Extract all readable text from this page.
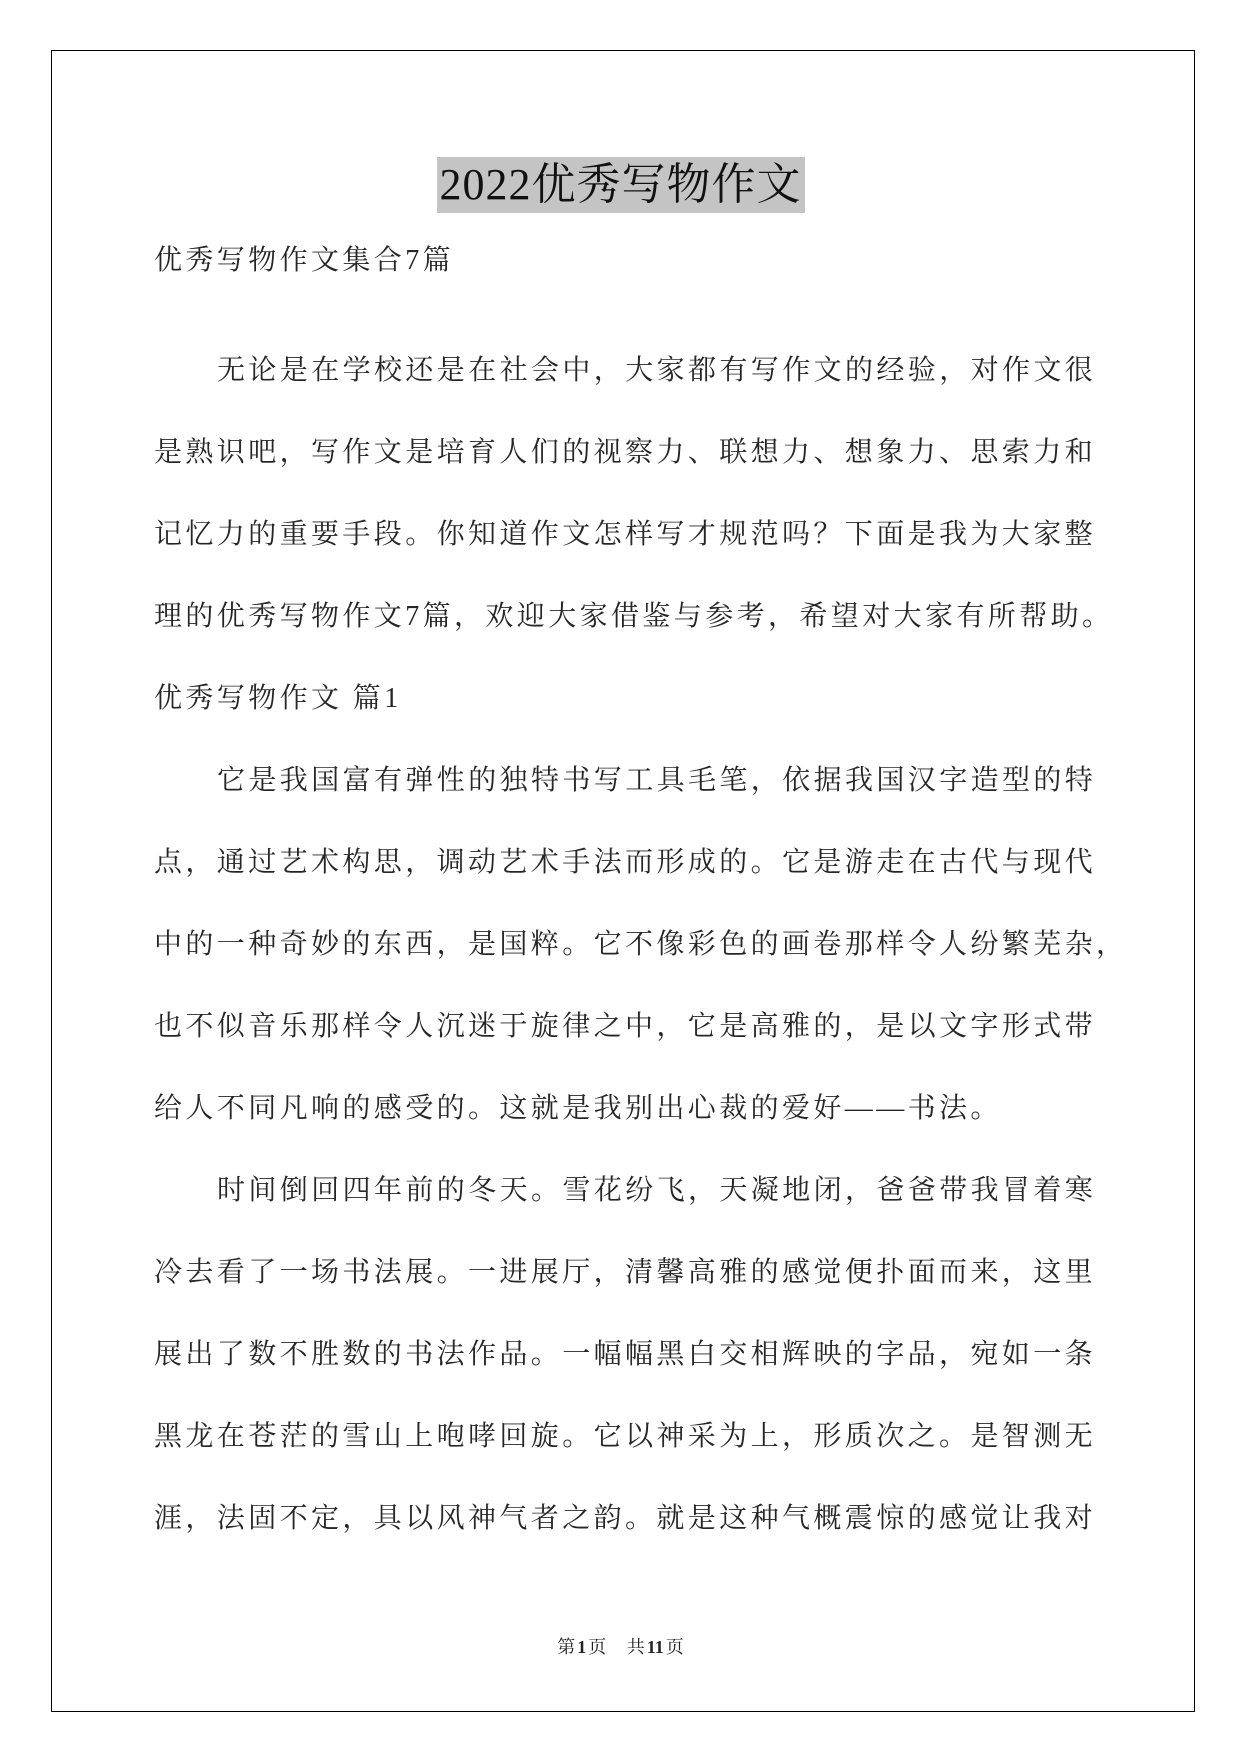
2022优秀写物作文
优秀写物作文集合7篇
无论是在学校还是在社会中，大家都有写作文的经验，对作文很
是熟识吧，写作文是培育人们的视察力、联想力、想象力、思索力和
记忆力的重要手段。你知道作文怎样写才规范吗？下面是我为大家整
理的优秀写物作文7篇，欢迎大家借鉴与参考，希望对大家有所帮助。
优秀写物作文 篇1
它是我国富有弹性的独特书写工具毛笔，依据我国汉字造型的特
点，通过艺术构思，调动艺术手法而形成的。它是游走在古代与现代
中的一种奇妙的东西，是国粹。它不像彩色的画卷那样令人纷繁芜杂，
也不似音乐那样令人沉迷于旋律之中，它是高雅的，是以文字形式带
给人不同凡响的感受的。这就是我别出心裁的爱好——书法。
时间倒回四年前的冬天。雪花纷飞，天凝地闭，爸爸带我冒着寒
冷去看了一场书法展。一进展厅，清馨高雅的感觉便扑面而来，这里
展出了数不胜数的书法作品。一幅幅黑白交相辉映的字品，宛如一条
黑龙在苍茫的雪山上咆哮回旋。它以神采为上，形质次之。是智测无
涯，法固不定，具以风神气者之韵。就是这种气概震惊的感觉让我对
第 1 页 共 11 页
